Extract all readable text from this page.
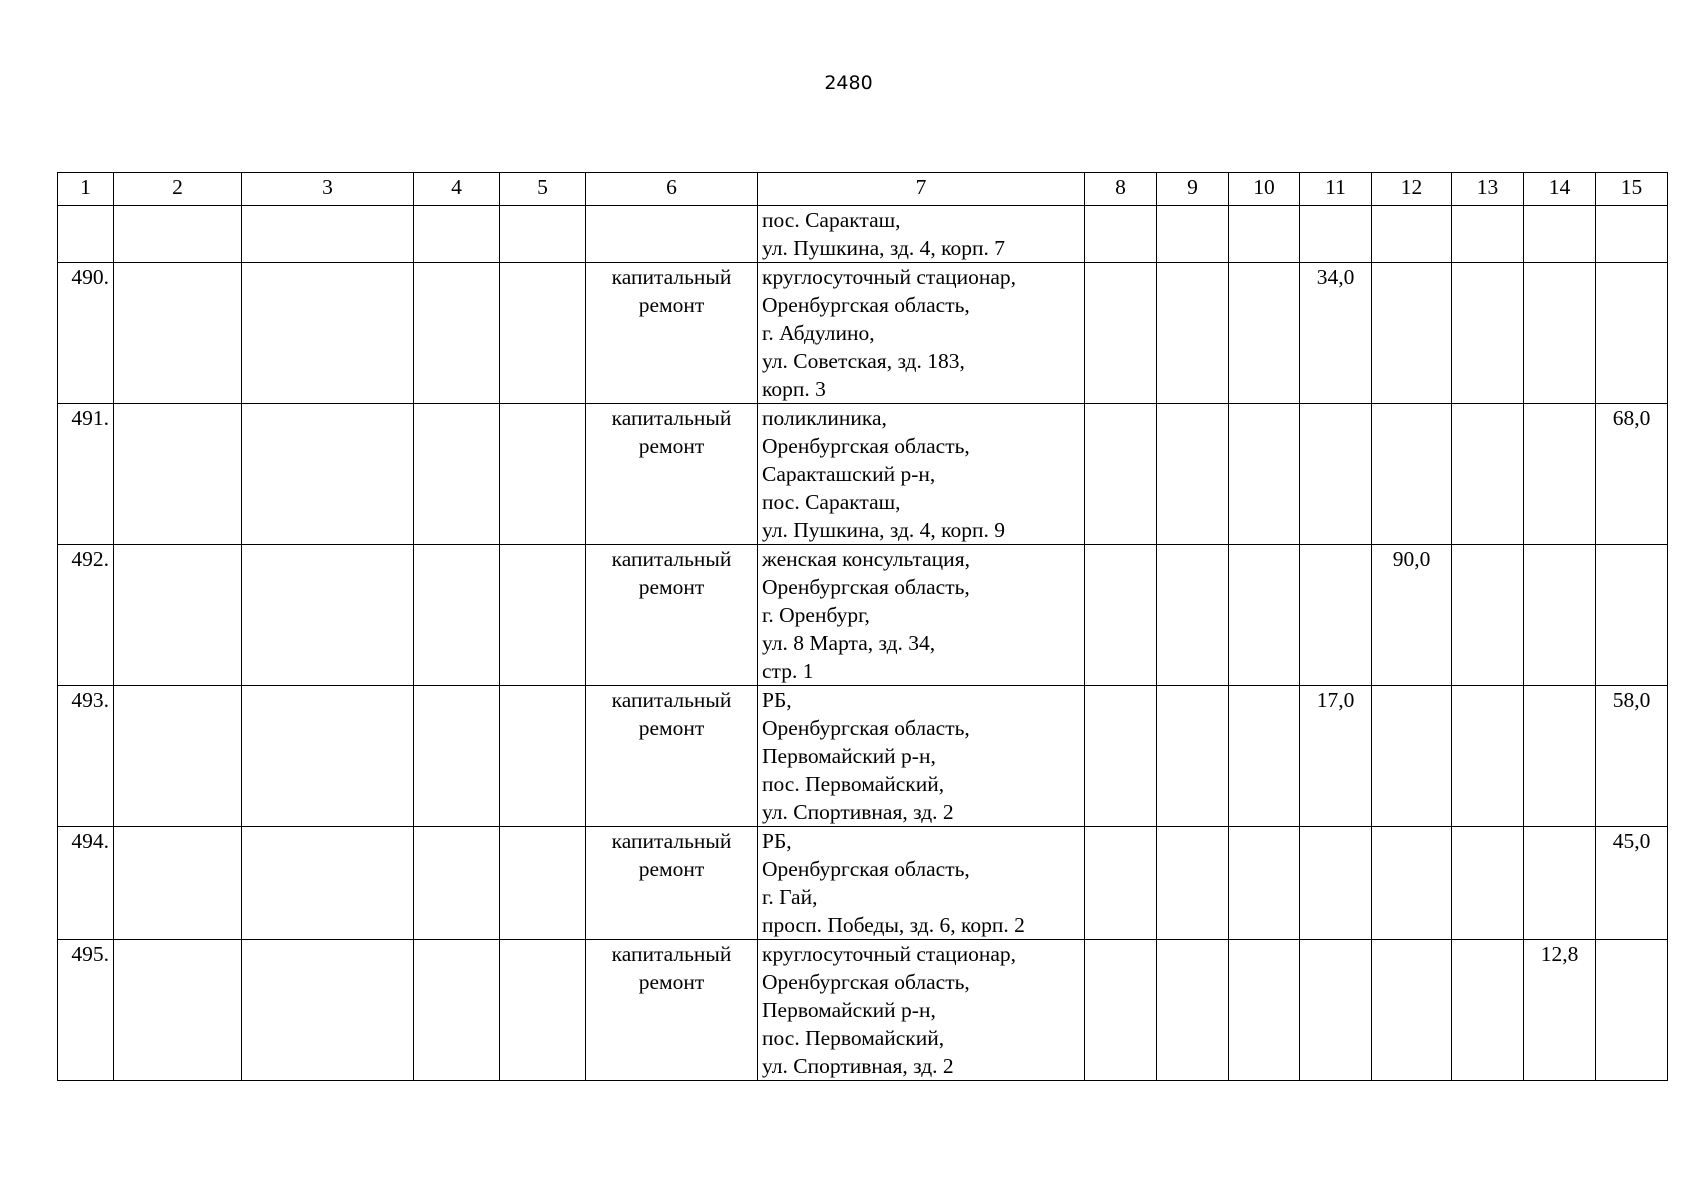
2480
1	2	3	4	5	6	7	8	9	10	11	12	13	14	15

						пос. Саракташ,
ул. Пушкина, зд. 4, корп. 7								

490.					капитальный
ремонт	круглосуточный стационар,
Оренбургская область,
г. Абдулино,
ул. Советская, зд. 183,
корп. 3				34,0				
491.					капитальный
ремонт	поликлиника,
Оренбургская область,
Саракташский р-н,
пос. Саракташ,
ул. Пушкина, зд. 4, корп. 9								68,0
492.					капитальный
ремонт	женская консультация,
Оренбургская область,
г. Оренбург,
ул. 8 Марта, зд. 34,
стр. 1					90,0			
493.					капитальный
ремонт	РБ,
Оренбургская область,
Первомайский р-н,
пос. Первомайский,
ул. Спортивная, зд. 2				17,0				58,0
494.					капитальный
ремонт	РБ,
Оренбургская область,
г. Гай,
просп. Победы, зд. 6, корп. 2								45,0
495.					капитальный
ремонт	круглосуточный стационар,
Оренбургская область,
Первомайский р-н,
пос. Первомайский,
ул. Спортивная, зд. 2							12,8	
